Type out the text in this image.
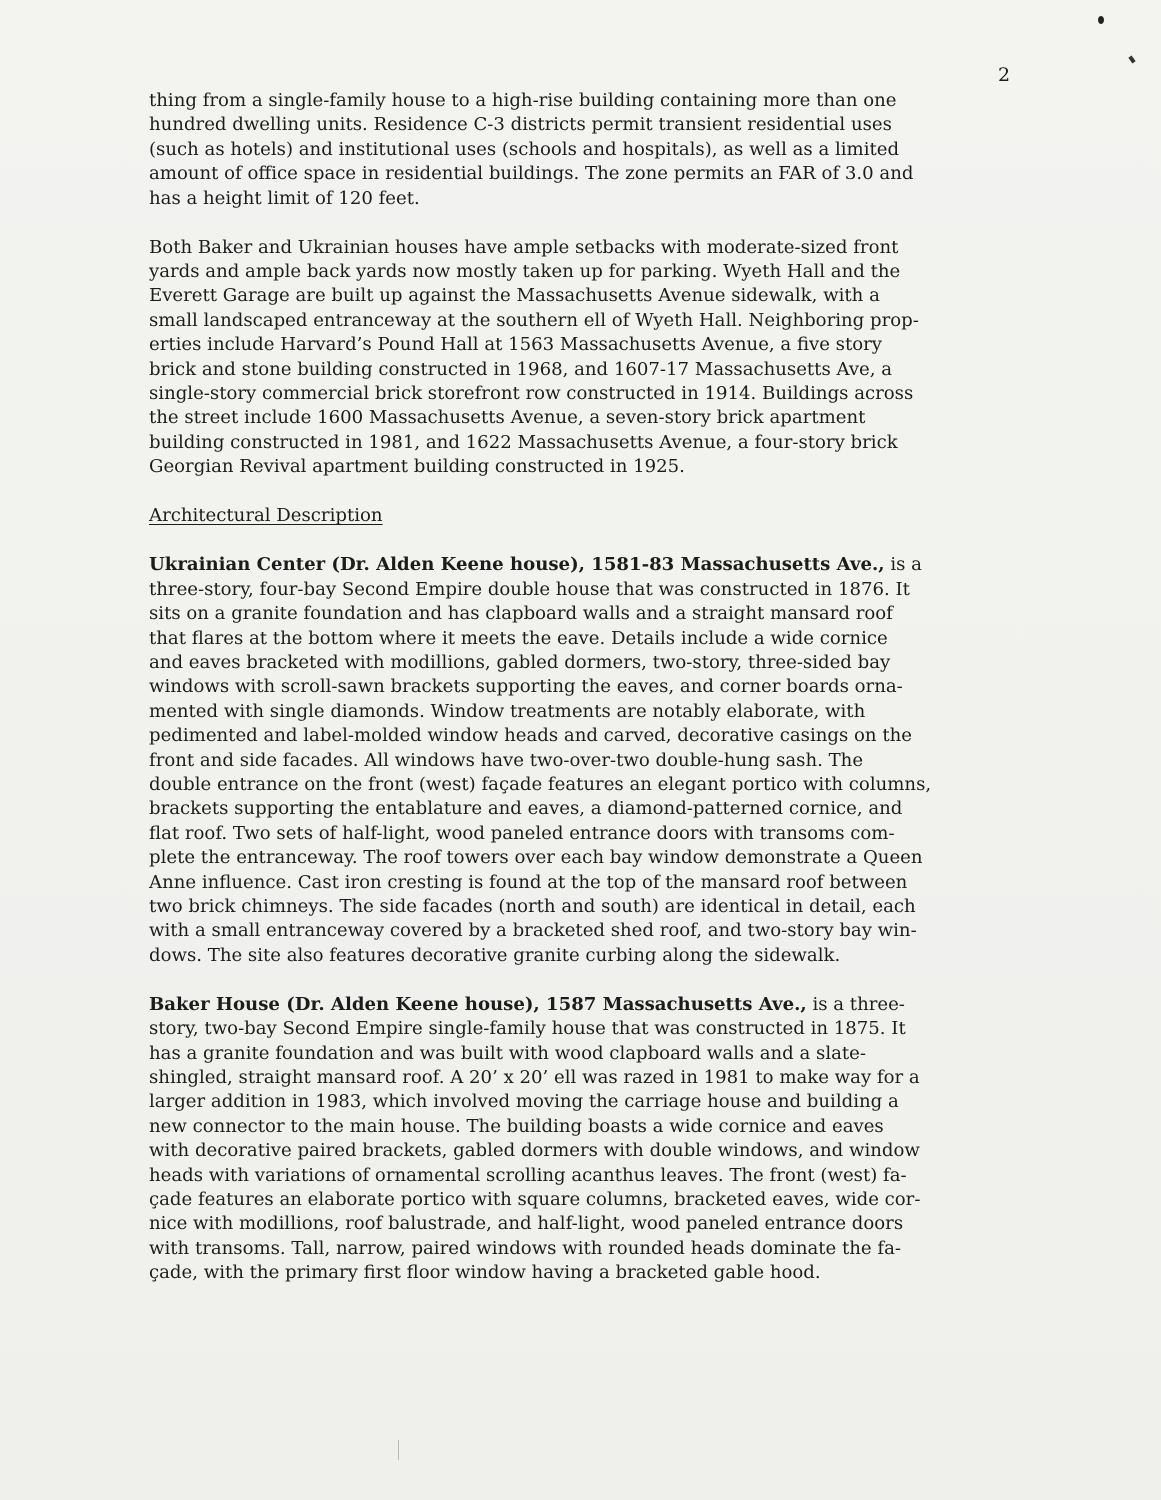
2
thing from a single-family house to a high-rise building containing more than one
hundred dwelling units. Residence C-3 districts permit transient residential uses
(such as hotels) and institutional uses (schools and hospitals), as well as a limited
amount of office space in residential buildings. The zone permits an FAR of 3.0 and
has a height limit of 120 feet.
Both Baker and Ukrainian houses have ample setbacks with moderate-sized front
yards and ample back yards now mostly taken up for parking. Wyeth Hall and the
Everett Garage are built up against the Massachusetts Avenue sidewalk, with a
small landscaped entranceway at the southern ell of Wyeth Hall. Neighboring prop-
erties include Harvard’s Pound Hall at 1563 Massachusetts Avenue, a five story
brick and stone building constructed in 1968, and 1607-17 Massachusetts Ave, a
single-story commercial brick storefront row constructed in 1914. Buildings across
the street include 1600 Massachusetts Avenue, a seven-story brick apartment
building constructed in 1981, and 1622 Massachusetts Avenue, a four-story brick
Georgian Revival apartment building constructed in 1925.
Architectural Description
Ukrainian Center (Dr. Alden Keene house), 1581-83 Massachusetts Ave., is a
three-story, four-bay Second Empire double house that was constructed in 1876. It
sits on a granite foundation and has clapboard walls and a straight mansard roof
that flares at the bottom where it meets the eave. Details include a wide cornice
and eaves bracketed with modillions, gabled dormers, two-story, three-sided bay
windows with scroll-sawn brackets supporting the eaves, and corner boards orna-
mented with single diamonds. Window treatments are notably elaborate, with
pedimented and label-molded window heads and carved, decorative casings on the
front and side facades. All windows have two-over-two double-hung sash. The
double entrance on the front (west) façade features an elegant portico with columns,
brackets supporting the entablature and eaves, a diamond-patterned cornice, and
flat roof. Two sets of half-light, wood paneled entrance doors with transoms com-
plete the entranceway. The roof towers over each bay window demonstrate a Queen
Anne influence. Cast iron cresting is found at the top of the mansard roof between
two brick chimneys. The side facades (north and south) are identical in detail, each
with a small entranceway covered by a bracketed shed roof, and two-story bay win-
dows. The site also features decorative granite curbing along the sidewalk.
Baker House (Dr. Alden Keene house), 1587 Massachusetts Ave., is a three-
story, two-bay Second Empire single-family house that was constructed in 1875. It
has a granite foundation and was built with wood clapboard walls and a slate-
shingled, straight mansard roof. A 20’ x 20’ ell was razed in 1981 to make way for a
larger addition in 1983, which involved moving the carriage house and building a
new connector to the main house. The building boasts a wide cornice and eaves
with decorative paired brackets, gabled dormers with double windows, and window
heads with variations of ornamental scrolling acanthus leaves. The front (west) fa-
çade features an elaborate portico with square columns, bracketed eaves, wide cor-
nice with modillions, roof balustrade, and half-light, wood paneled entrance doors
with transoms. Tall, narrow, paired windows with rounded heads dominate the fa-
çade, with the primary first floor window having a bracketed gable hood.
